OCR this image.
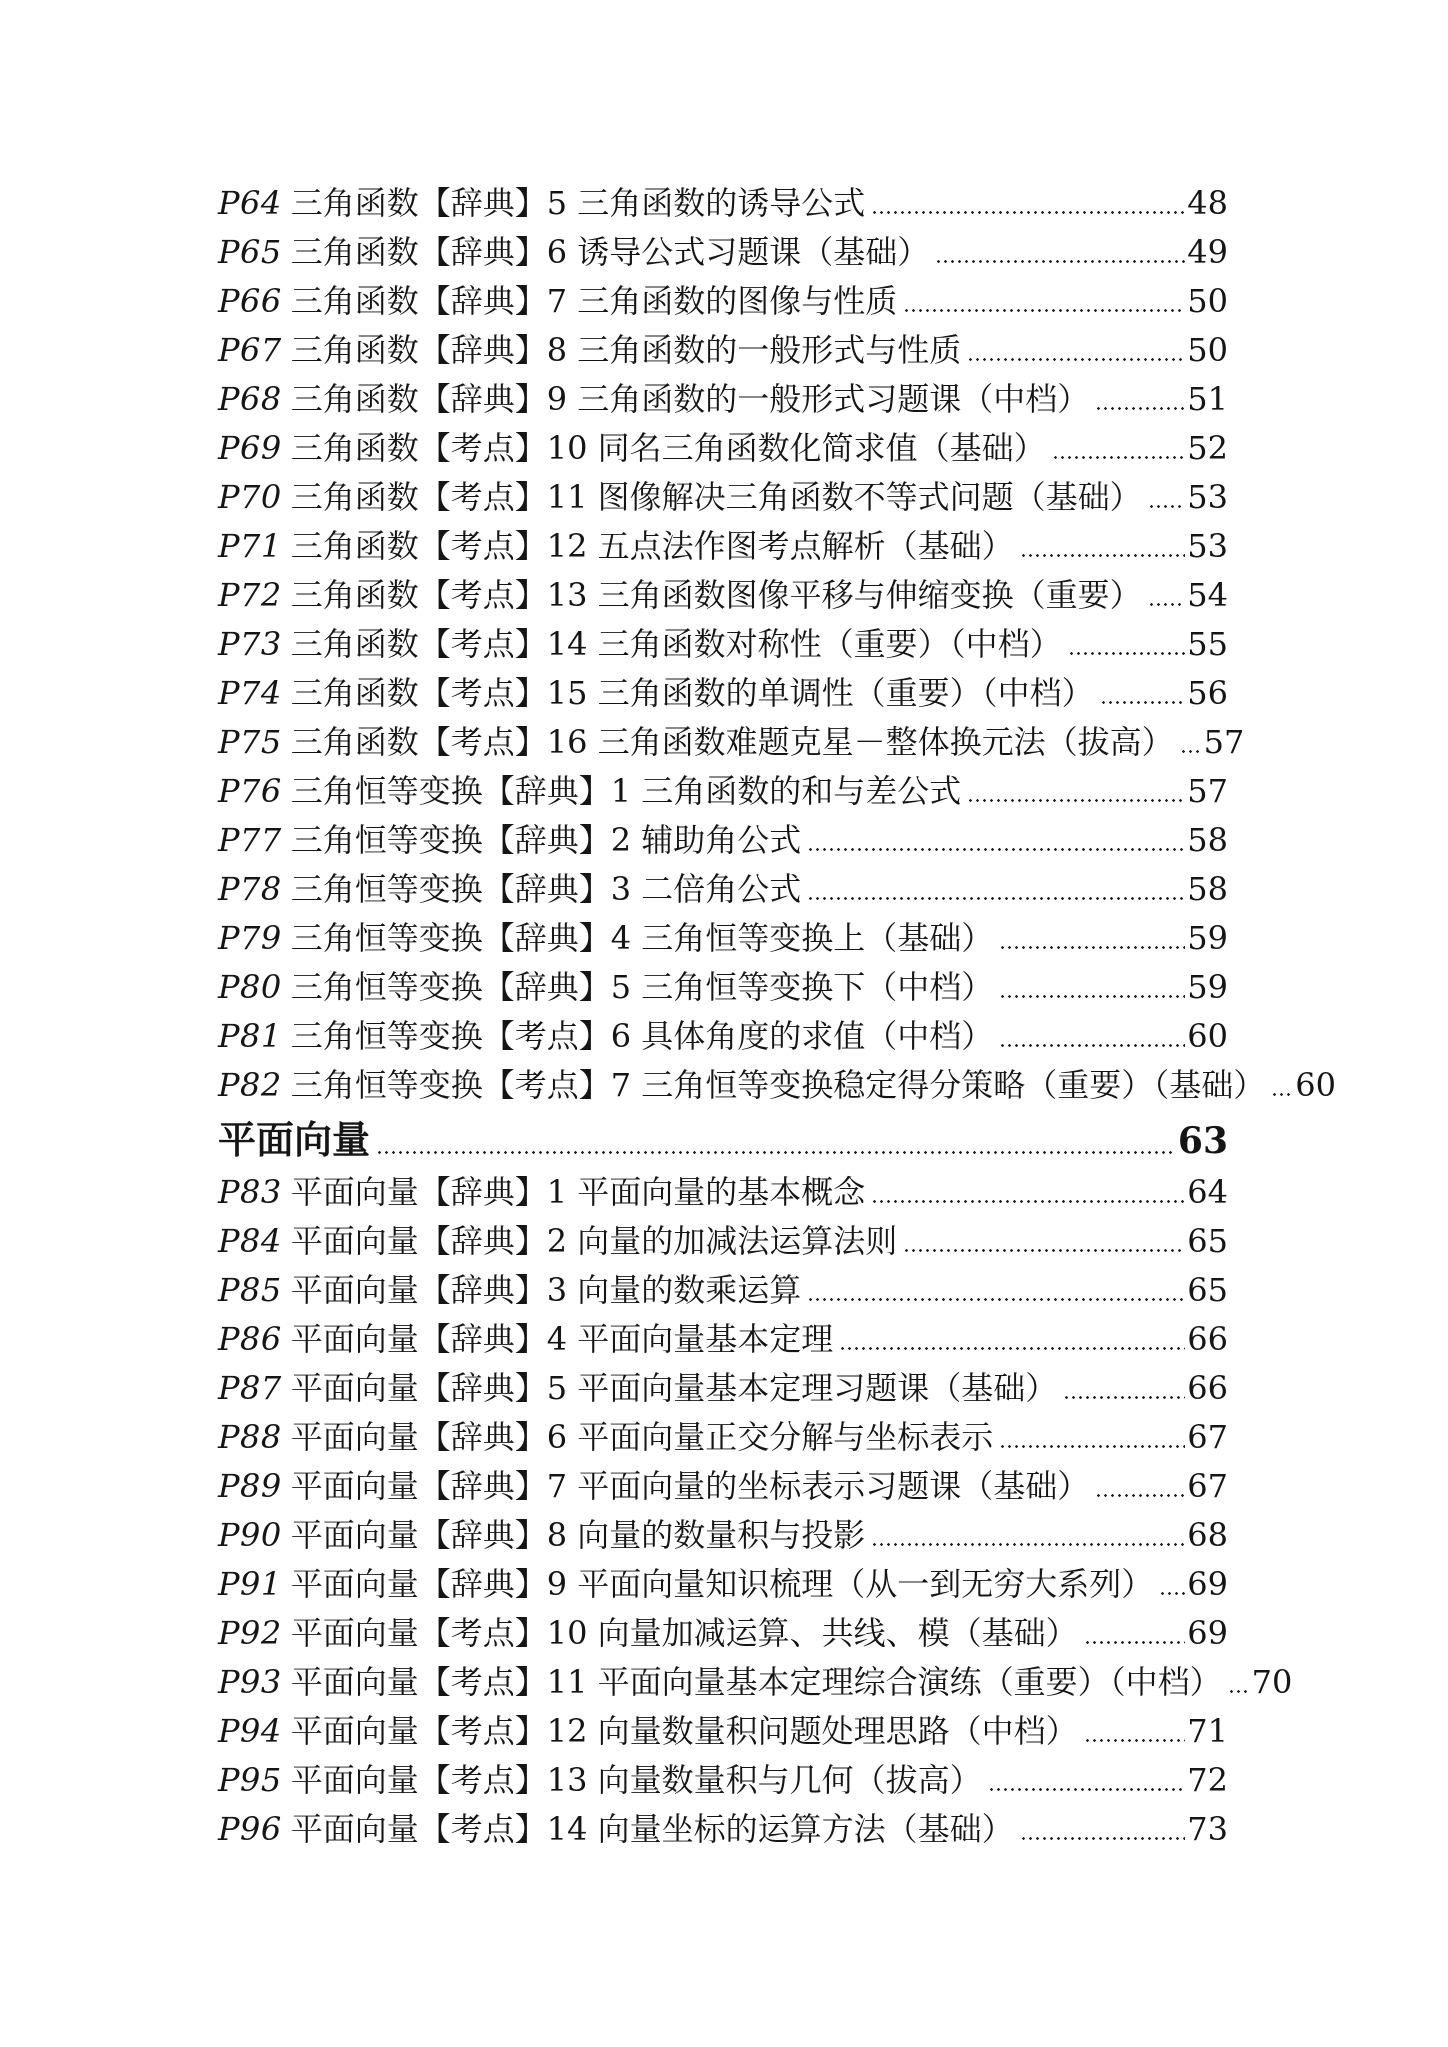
P64 三角函数【辞典】5 三角函数的诱导公式	48
P65 三角函数【辞典】6 诱导公式习题课（基础）	49
P66 三角函数【辞典】7 三角函数的图像与性质	50
P67 三角函数【辞典】8 三角函数的一般形式与性质	50
P68 三角函数【辞典】9 三角函数的一般形式习题课（中档）	51
P69 三角函数【考点】10 同名三角函数化简求值（基础）	52
P70 三角函数【考点】11 图像解决三角函数不等式问题（基础） 53
P71 三角函数【考点】12 五点法作图考点解析（基础）	53
P72 三角函数【考点】13 三角函数图像平移与伸缩变换（重要） 54
P73 三角函数【考点】14 三角函数对称性（重要）（中档）	55
P74 三角函数【考点】15 三角函数的单调性（重要）（中档）	56
P75 三角函数【考点】16 三角函数难题克星－整体换元法（拔高） 57
P76 三角恒等变换【辞典】1 三角函数的和与差公式	57
P77 三角恒等变换【辞典】2 辅助角公式	58
P78 三角恒等变换【辞典】3 二倍角公式	58
P79 三角恒等变换【辞典】4 三角恒等变换上（基础）	59
P80 三角恒等变换【辞典】5 三角恒等变换下（中档）	59
P81 三角恒等变换【考点】6 具体角度的求值（中档）	60
P82 三角恒等变换【考点】7 三角恒等变换稳定得分策略（重要）（基础） 60
平面向量	63
P83 平面向量【辞典】1 平面向量的基本概念	64
P84 平面向量【辞典】2 向量的加减法运算法则	65
P85 平面向量【辞典】3 向量的数乘运算	65
P86 平面向量【辞典】4 平面向量基本定理	66
P87 平面向量【辞典】5 平面向量基本定理习题课（基础）	66
P88 平面向量【辞典】6 平面向量正交分解与坐标表示	67
P89 平面向量【辞典】7 平面向量的坐标表示习题课（基础）	67
P90 平面向量【辞典】8 向量的数量积与投影	68
P91 平面向量【辞典】9 平面向量知识梳理（从一到无穷大系列） 69
P92 平面向量【考点】10 向量加减运算、共线、模（基础）	69
P93 平面向量【考点】11 平面向量基本定理综合演练（重要）（中档） 70
P94 平面向量【考点】12 向量数量积问题处理思路（中档）	71
P95 平面向量【考点】13 向量数量积与几何（拔高）	72
P96 平面向量【考点】14 向量坐标的运算方法（基础）	73
